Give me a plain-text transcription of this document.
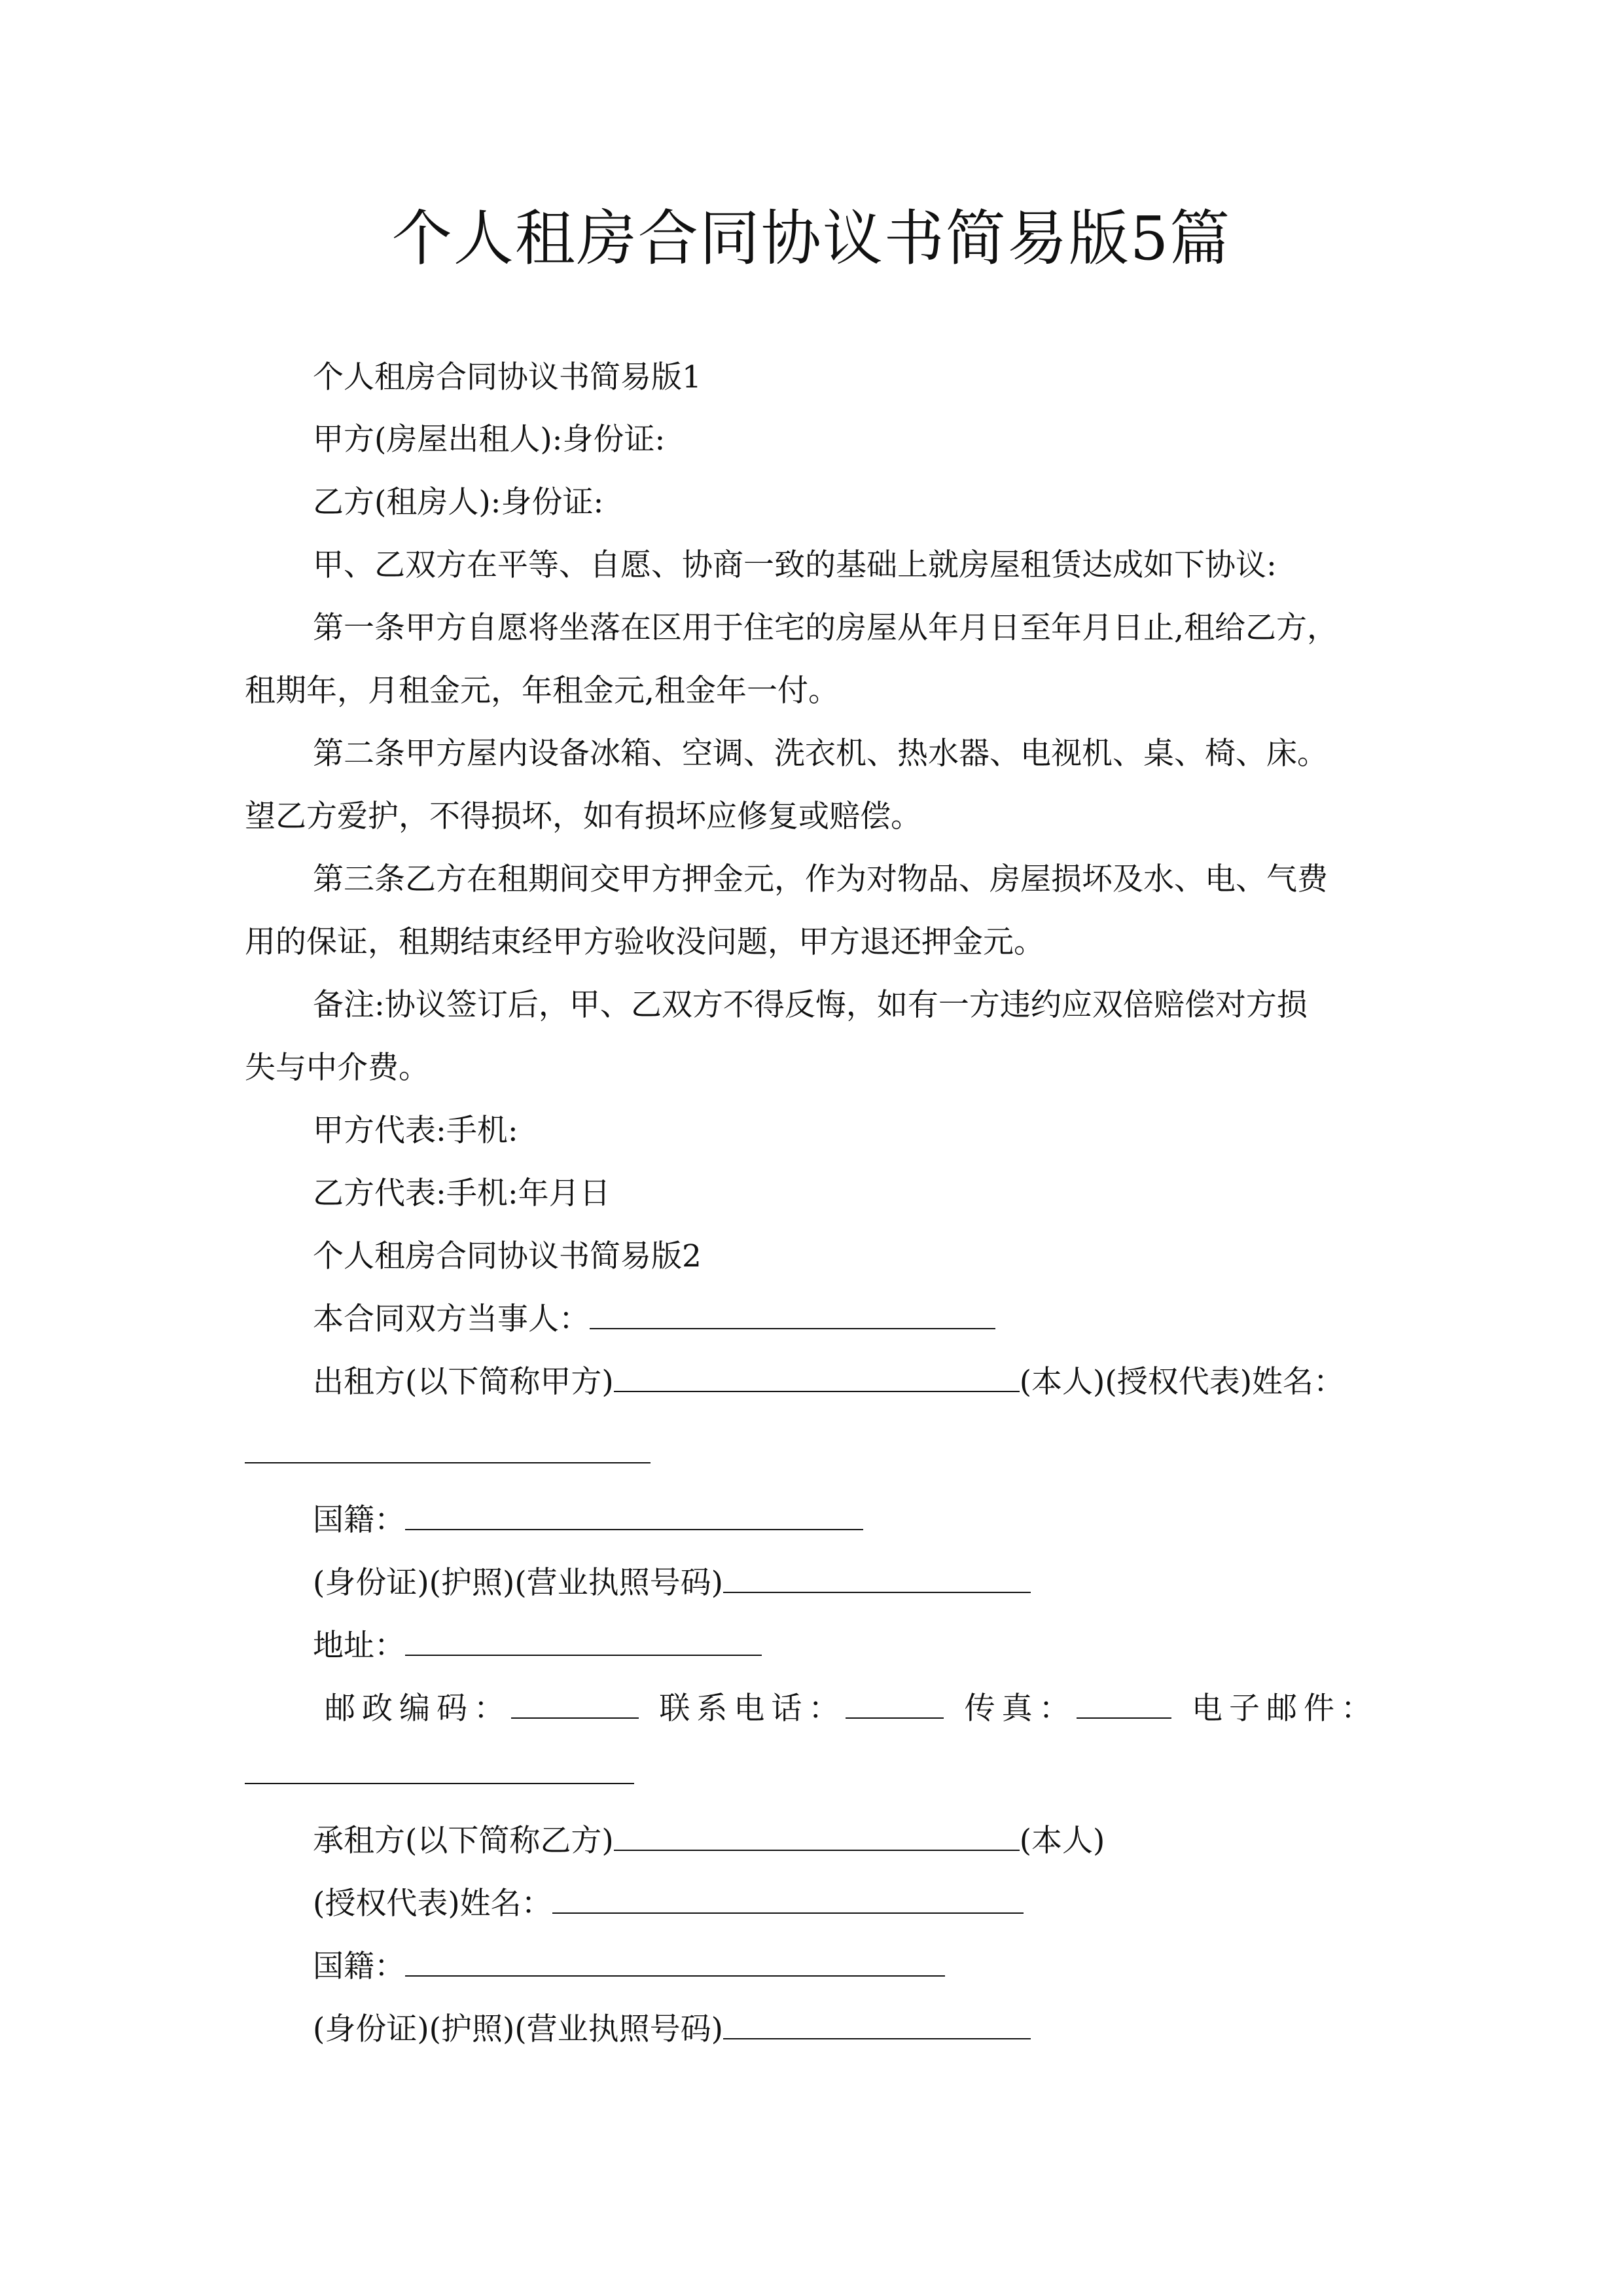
个人租房合同协议书简易版5篇
个人租房合同协议书简易版1
甲方(房屋出租人):身份证:
乙方(租房人):身份证:
甲、乙双方在平等、自愿、协商一致的基础上就房屋租赁达成如下协议:
第一条甲方自愿将坐落在区用于住宅的房屋从年月日至年月日止,租给乙方，
租期年，月租金元，年租金元,租金年一付。
第二条甲方屋内设备冰箱、空调、洗衣机、热水器、电视机、桌、椅、床。
望乙方爱护，不得损坏，如有损坏应修复或赔偿。
第三条乙方在租期间交甲方押金元，作为对物品、房屋损坏及水、电、气费
用的保证，租期结束经甲方验收没问题，甲方退还押金元。
备注:协议签订后，甲、乙双方不得反悔，如有一方违约应双倍赔偿对方损
失与中介费。
甲方代表:手机:
乙方代表:手机:年月日
个人租房合同协议书简易版2
本合同双方当事人：
出租方(以下简称甲方)	(本人)(授权代表)姓名：
国籍：
(身份证)(护照)(营业执照号码)
地址：
邮政编码：	联系电话：	传真：	电子邮件：
承租方(以下简称乙方)	(本人)
(授权代表)姓名：
国籍：
(身份证)(护照)(营业执照号码)
